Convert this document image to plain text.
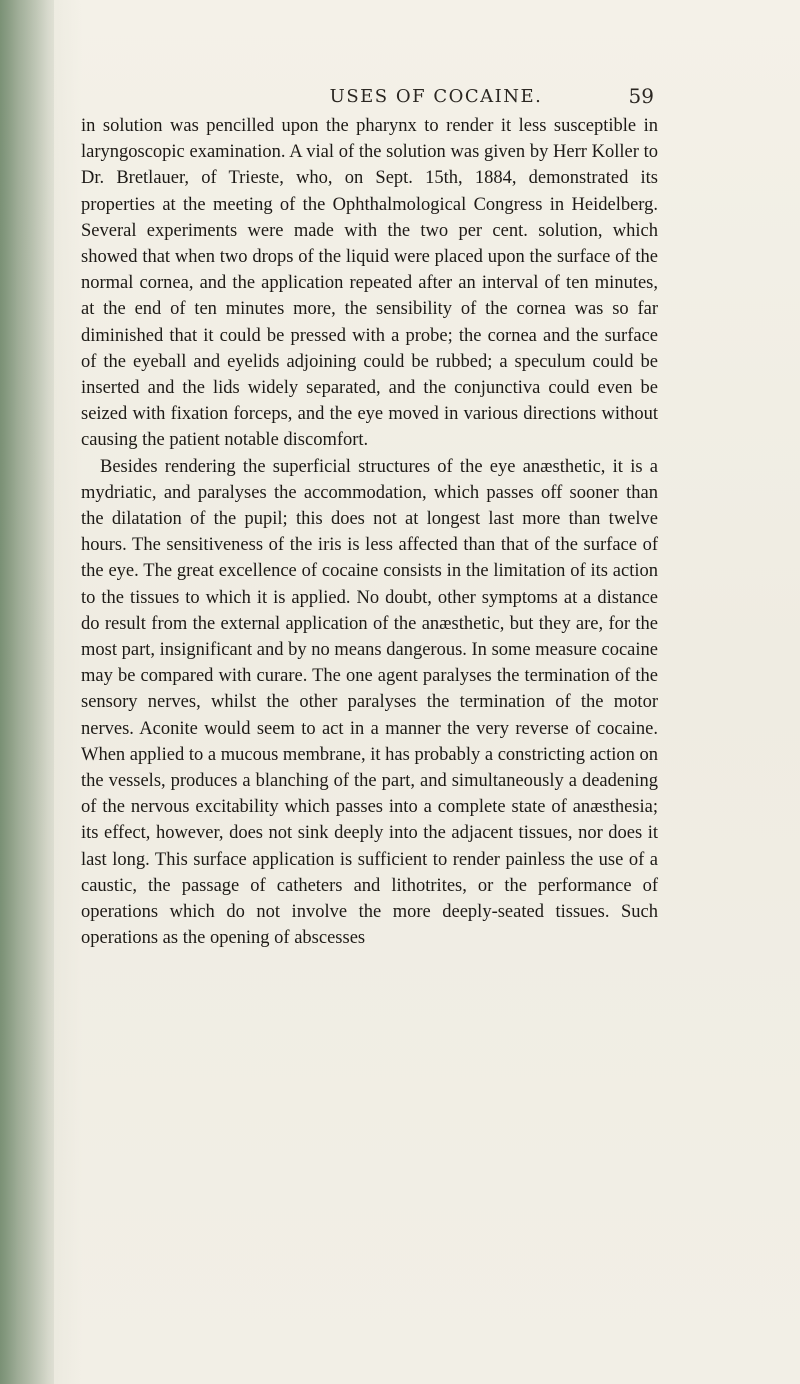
USES OF COCAINE.	59

in solution was pencilled upon the pharynx to render it less susceptible in laryngoscopic examination. A vial of the solution was given by Herr Koller to Dr. Bretlauer, of Trieste, who, on Sept. 15th, 1884, demonstrated its properties at the meeting of the Ophthalmological Congress in Heidelberg. Several experiments were made with the two per cent. solution, which showed that when two drops of the liquid were placed upon the surface of the normal cornea, and the application repeated after an interval of ten minutes, at the end of ten minutes more, the sensibility of the cornea was so far diminished that it could be pressed with a probe; the cornea and the surface of the eyeball and eyelids adjoining could be rubbed; a speculum could be inserted and the lids widely separated, and the conjunctiva could even be seized with fixation forceps, and the eye moved in various directions without causing the patient notable discomfort.

Besides rendering the superficial structures of the eye anæsthetic, it is a mydriatic, and paralyses the accommodation, which passes off sooner than the dilatation of the pupil; this does not at longest last more than twelve hours. The sensitiveness of the iris is less affected than that of the surface of the eye. The great excellence of cocaine consists in the limitation of its action to the tissues to which it is applied. No doubt, other symptoms at a distance do result from the external application of the anæsthetic, but they are, for the most part, insignificant and by no means dangerous. In some measure cocaine may be compared with curare. The one agent paralyses the termination of the sensory nerves, whilst the other paralyses the termination of the motor nerves. Aconite would seem to act in a manner the very reverse of cocaine. When applied to a mucous membrane, it has probably a constricting action on the vessels, produces a blanching of the part, and simultaneously a deadening of the nervous excitability which passes into a complete state of anæsthesia; its effect, however, does not sink deeply into the adjacent tissues, nor does it last long. This surface application is sufficient to render painless the use of a caustic, the passage of catheters and lithotrites, or the performance of operations which do not involve the more deeply-seated tissues. Such operations as the opening of abscesses
